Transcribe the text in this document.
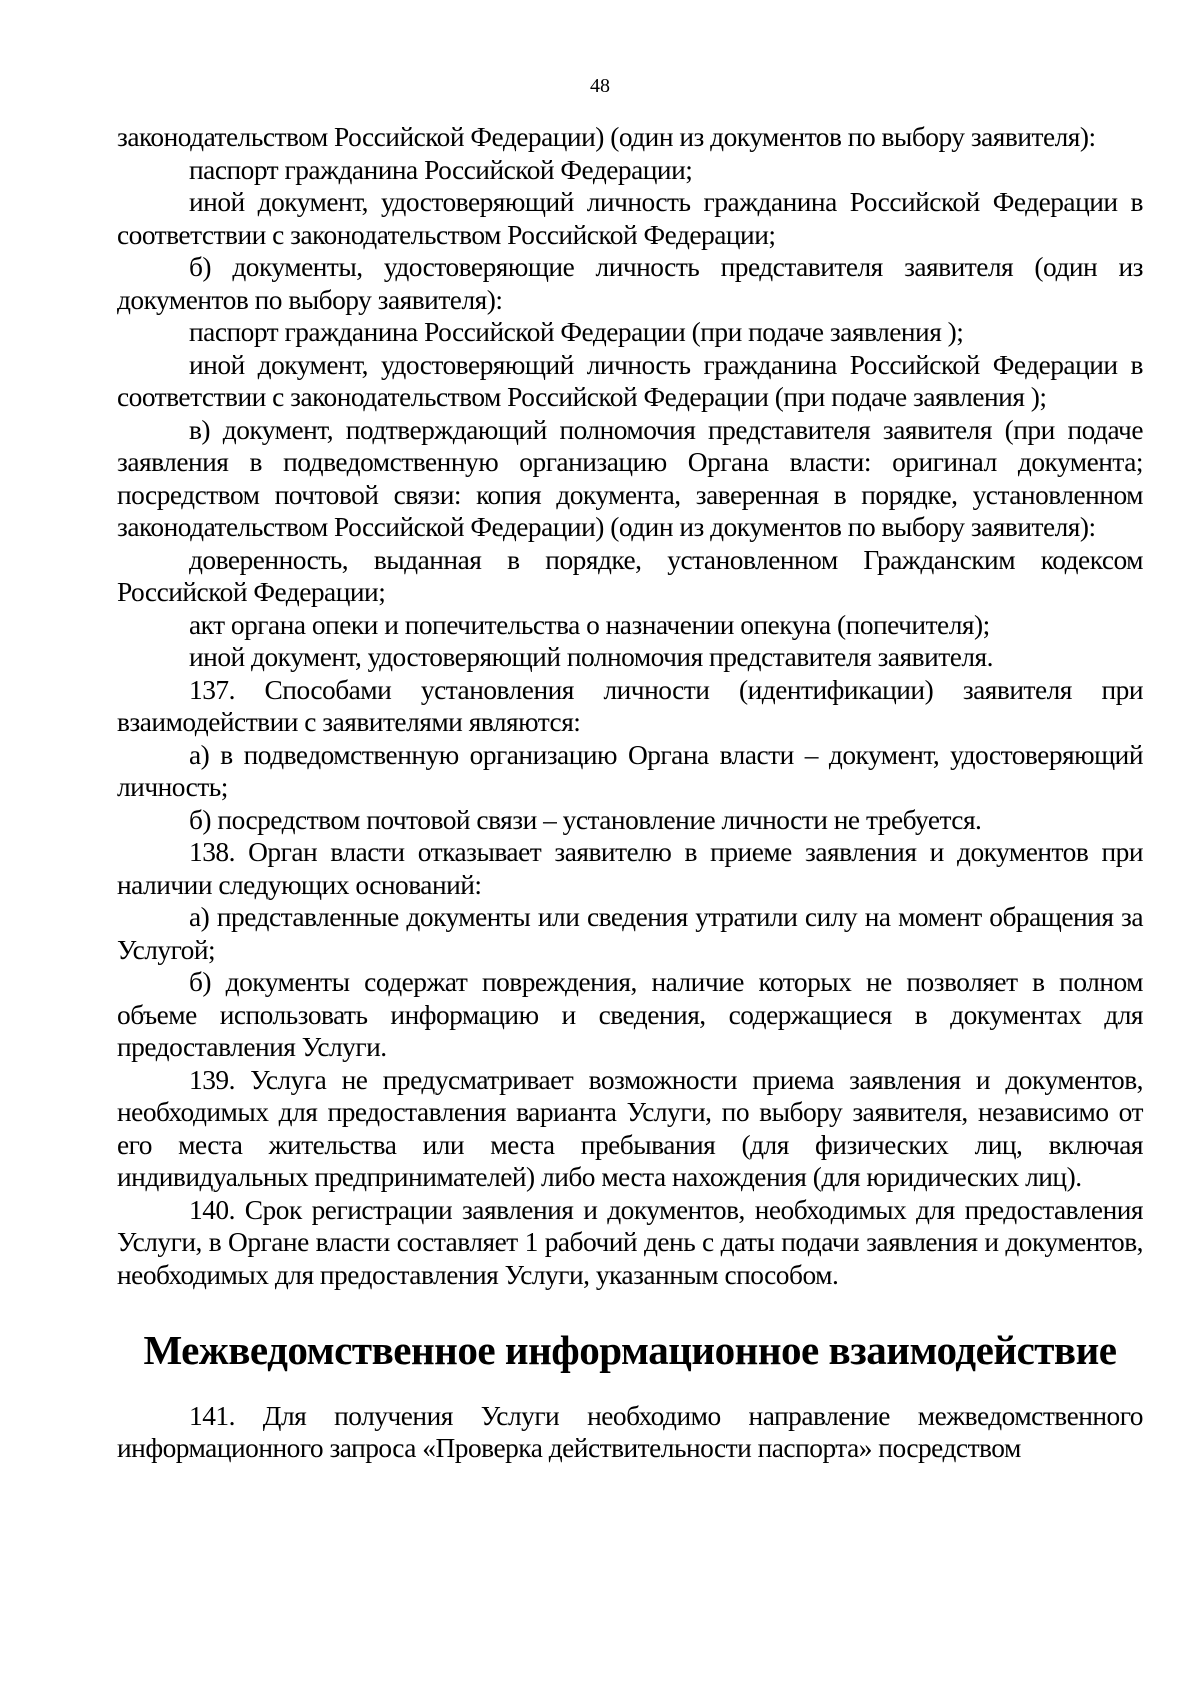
48

законодательством Российской Федерации) (один из документов по выбору заявителя):

паспорт гражданина Российской Федерации;

иной документ, удостоверяющий личность гражданина Российской Федерации в соответствии с законодательством Российской Федерации;

б) документы, удостоверяющие личность представителя заявителя (один из документов по выбору заявителя):

паспорт гражданина Российской Федерации (при подаче заявления );

иной документ, удостоверяющий личность гражданина Российской Федерации в соответствии с законодательством Российской Федерации (при подаче заявления );

в) документ, подтверждающий полномочия представителя заявителя (при подаче заявления в подведомственную организацию Органа власти: оригинал документа; посредством почтовой связи: копия документа, заверенная в порядке, установленном законодательством Российской Федерации) (один из документов по выбору заявителя):

доверенность, выданная в порядке, установленном Гражданским кодексом Российской Федерации;

акт органа опеки и попечительства о назначении опекуна (попечителя);

иной документ, удостоверяющий полномочия представителя заявителя.

137. Способами установления личности (идентификации) заявителя при взаимодействии с заявителями являются:

а) в подведомственную организацию Органа власти – документ, удостоверяющий личность;

б) посредством почтовой связи – установление личности не требуется.

138. Орган власти отказывает заявителю в приеме заявления и документов при наличии следующих оснований:

а) представленные документы или сведения утратили силу на момент обращения за Услугой;

б) документы содержат повреждения, наличие которых не позволяет в полном объеме использовать информацию и сведения, содержащиеся в документах для предоставления Услуги.

139. Услуга не предусматривает возможности приема заявления и документов, необходимых для предоставления варианта Услуги, по выбору заявителя, независимо от его места жительства или места пребывания (для физических лиц, включая индивидуальных предпринимателей) либо места нахождения (для юридических лиц).

140. Срок регистрации заявления и документов, необходимых для предоставления Услуги, в Органе власти составляет 1 рабочий день с даты подачи заявления и документов, необходимых для предоставления Услуги, указанным способом.

Межведомственное информационное взаимодействие

141. Для получения Услуги необходимо направление межведомственного информационного запроса «Проверка действительности паспорта» посредством
